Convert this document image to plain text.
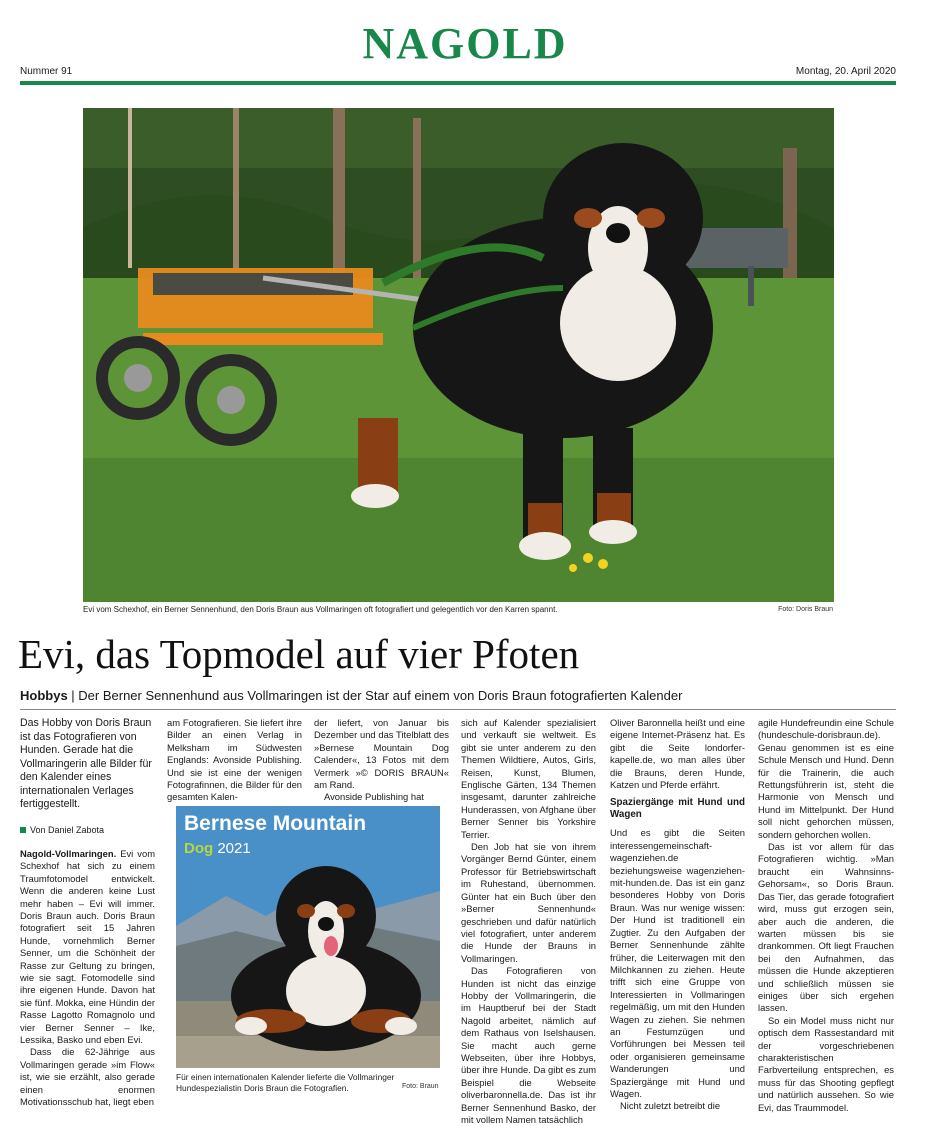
NAGOLD
Nummer 91	Montag, 20. April 2020
Evi vom Schexhof, ein Berner Sennenhund, den Doris Braun aus Vollmaringen oft fotografiert und gelegentlich vor den Karren spannt.	Foto: Doris Braun
Evi, das Topmodel auf vier Pfoten
Hobbys | Der Berner Sennenhund aus Vollmaringen ist der Star auf einem von Doris Braun fotografierten Kalender

Das Hobby von Doris Braun ist das Fotografieren von Hunden. Gerade hat die Vollmaringerin alle Bilder für den Kalender eines internationalen Verlages fertiggestellt.

Von Daniel Zabota

Nagold-Vollmaringen. Evi vom Schexhof hat sich zu einem Traumfotomodel entwickelt. Wenn die anderen keine Lust mehr haben – Evi will immer. Doris Braun auch. Doris Braun fotografiert seit 15 Jahren Hunde, vornehmlich Berner Senner, um die Schönheit der Rasse zur Geltung zu bringen, wie sie sagt. Fotomodelle sind ihre eigenen Hunde. Davon hat sie fünf. Mokka, eine Hündin der Rasse Lagotto Romagnolo und vier Berner Senner – Ike, Lessika, Basko und eben Evi.

Dass die 62-Jährige aus Vollmaringen gerade »im Flow« ist, wie sie erzählt, also gerade einen enormen Motivationsschub hat, liegt eben

am Fotografieren. Sie liefert ihre Bilder an einen Verlag in Melksham im Südwesten Englands: Avonside Publishing. Und sie ist eine der wenigen Fotografinnen, die Bilder für den gesamten Kalen-

der liefert, von Januar bis Dezember und das Titelblatt des »Bernese Mountain Dog Calender«, 13 Fotos mit dem Vermerk »© DORIS BRAUN« am Rand.

Avonside Publishing hat

Bernese Mountain
Dog 2021
Für einen internationalen Kalender lieferte die Vollmaringer Hundespezialistin Doris Braun die Fotografien.	Foto: Braun

sich auf Kalender spezialisiert und verkauft sie weltweit. Es gibt sie unter anderem zu den Themen Wildtiere, Autos, Girls, Reisen, Kunst, Blumen, Englische Gärten, 134 Themen insgesamt, darunter zahlreiche Hunderassen, von Afghane über Berner Senner bis Yorkshire Terrier.

Den Job hat sie von ihrem Vorgänger Bernd Günter, einem Professor für Betriebswirtschaft im Ruhestand, übernommen. Günter hat ein Buch über den »Berner Sennenhund« geschrieben und dafür natürlich viel fotografiert, unter anderem die Hunde der Brauns in Vollmaringen.

Das Fotografieren von Hunden ist nicht das einzige Hobby der Vollmaringerin, die im Hauptberuf bei der Stadt Nagold arbeitet, nämlich auf dem Rathaus von Iselshausen. Sie macht auch gerne Webseiten, über ihre Hobbys, über ihre Hunde. Da gibt es zum Beispiel die Webseite oliverbaronnella.de. Das ist ihr Berner Sennenhund Basko, der mit vollem Namen tatsächlich

Oliver Baronnella heißt und eine eigene Internet-Präsenz hat. Es gibt die Seite londorfer-kapelle.de, wo man alles über die Brauns, deren Hunde, Katzen und Pferde erfährt.

Spaziergänge mit Hund und Wagen

Und es gibt die Seiten interessengemeinschaft-wagenziehen.de beziehungsweise wagenziehen-mit-hunden.de. Das ist ein ganz besonderes Hobby von Doris Braun. Was nur wenige wissen: Der Hund ist traditionell ein Zugtier. Zu den Aufgaben der Berner Sennenhunde zählte früher, die Leiterwagen mit den Milchkannen zu ziehen. Heute trifft sich eine Gruppe von Interessierten in Vollmaringen regelmäßig, um mit den Hunden Wagen zu ziehen. Sie nehmen an Festumzügen und Vorführungen bei Messen teil oder organisieren gemeinsame Wanderungen und Spaziergänge mit Hund und Wagen.

Nicht zuletzt betreibt die

agile Hundefreundin eine Schule (hundeschule-dorisbraun.de). Genau genommen ist es eine Schule Mensch und Hund. Denn für die Trainerin, die auch Rettungsführerin ist, steht die Harmonie von Mensch und Hund im Mittelpunkt. Der Hund soll nicht gehorchen müssen, sondern gehorchen wollen.

Das ist vor allem für das Fotografieren wichtig. »Man braucht ein Wahnsinns-Gehorsam«, so Doris Braun. Das Tier, das gerade fotografiert wird, muss gut erzogen sein, aber auch die anderen, die warten müssen bis sie drankommen. Oft liegt Frauchen bei den Aufnahmen, das müssen die Hunde akzeptieren und schließlich müssen sie einiges über sich ergehen lassen.

So ein Model muss nicht nur optisch dem Rassestandard mit der vorgeschriebenen charakteristischen Farbverteilung entsprechen, es muss für das Shooting gepflegt und natürlich aussehen. So wie Evi, das Traummodel.
